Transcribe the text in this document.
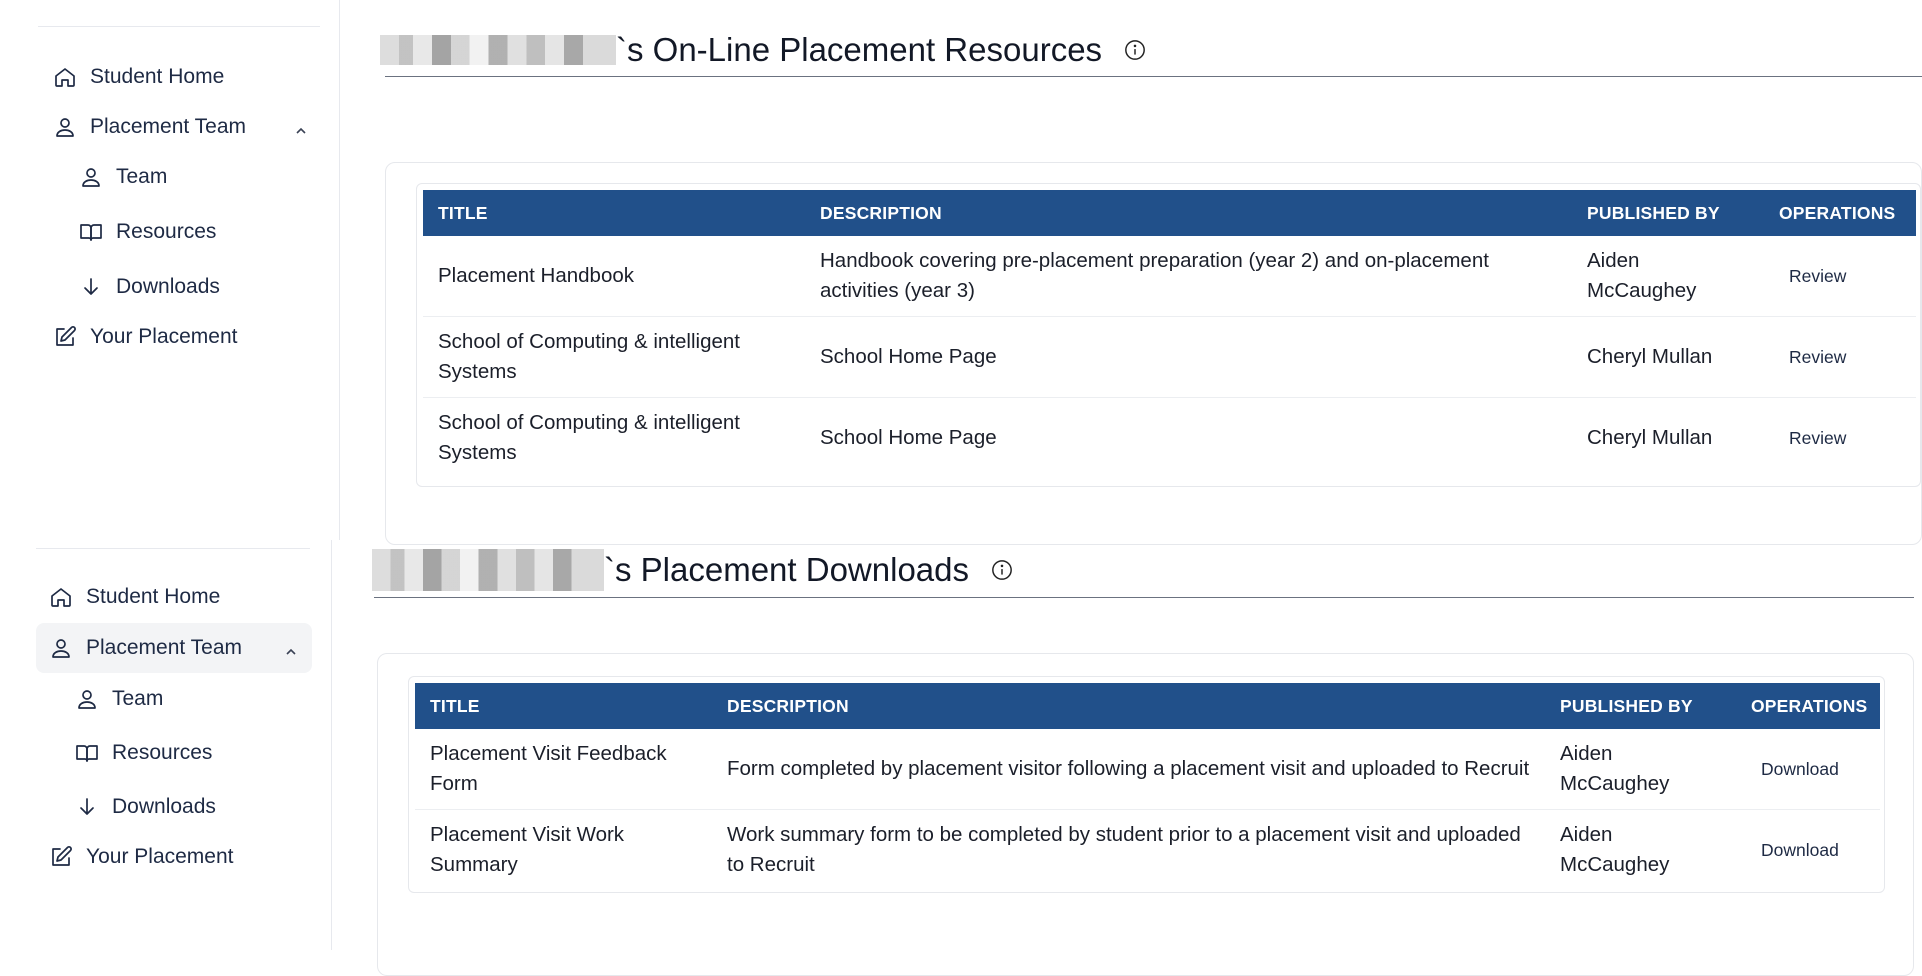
Student Home
Placement Team
Team
Resources
Downloads
Your Placement
`s On-Line Placement Resources
TITLE	DESCRIPTION	PUBLISHED BY	OPERATIONS
Placement Handbook	Handbook covering pre-placement preparation (year 2) and on-placement activities (year 3)	Aiden McCaughey	Review
School of Computing & intelligent Systems	School Home Page	Cheryl Mullan	Review
School of Computing & intelligent Systems	School Home Page	Cheryl Mullan	Review
Student Home
Placement Team
Team
Resources
Downloads
Your Placement
`s Placement Downloads
TITLE	DESCRIPTION	PUBLISHED BY	OPERATIONS
Placement Visit Feedback Form	Form completed by placement visitor following a placement visit and uploaded to Recruit	Aiden McCaughey	Download
Placement Visit Work Summary	Work summary form to be completed by student prior to a placement visit and uploaded to Recruit	Aiden McCaughey	Download
